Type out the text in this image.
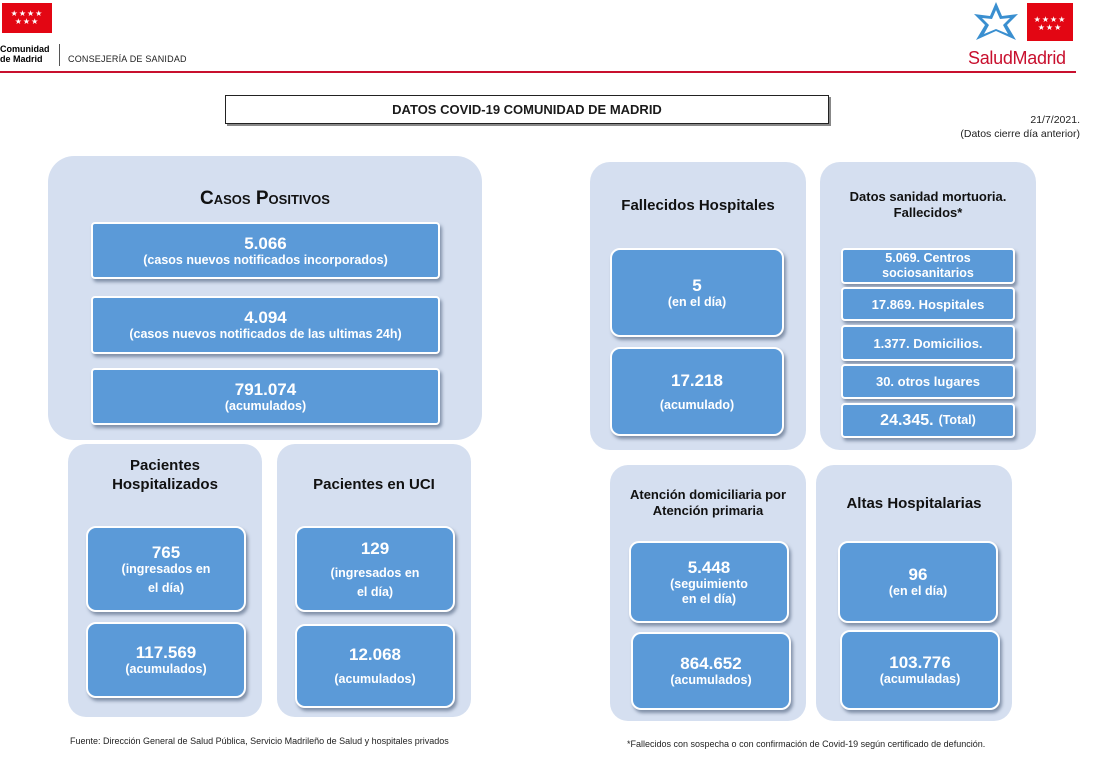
★★★★
★★★
Comunidad
de Madrid	CONSEJERÍA DE SANIDAD
★★★★
★★★
SaludMadrid
DATOS COVID-19 COMUNIDAD DE MADRID
21/7/2021.
(Datos cierre día anterior)
Casos Positivos
5.066
(casos nuevos notificados incorporados)
4.094
(casos nuevos notificados de las ultimas 24h)
791.074
(acumulados)
Pacientes
Hospitalizados
765
(ingresados en
el día)
117.569
(acumulados)
Pacientes en UCI
129
(ingresados en
el día)
12.068
(acumulados)
Fallecidos Hospitales
5
(en el día)
17.218
(acumulado)
Datos sanidad mortuoria.
Fallecidos*
5.069. Centros
sociosanitarios
17.869. Hospitales
1.377. Domicilios.
30. otros lugares
24.345. (Total)
Atención domiciliaria por
Atención primaria
5.448
(seguimiento
en el día)
864.652
(acumulados)
Altas Hospitalarias
96
(en el día)
103.776
(acumuladas)
Fuente: Dirección General de Salud Pública, Servicio Madrileño de Salud y hospitales privados	*Fallecidos con sospecha o con confirmación de Covid-19 según certificado de defunción.
